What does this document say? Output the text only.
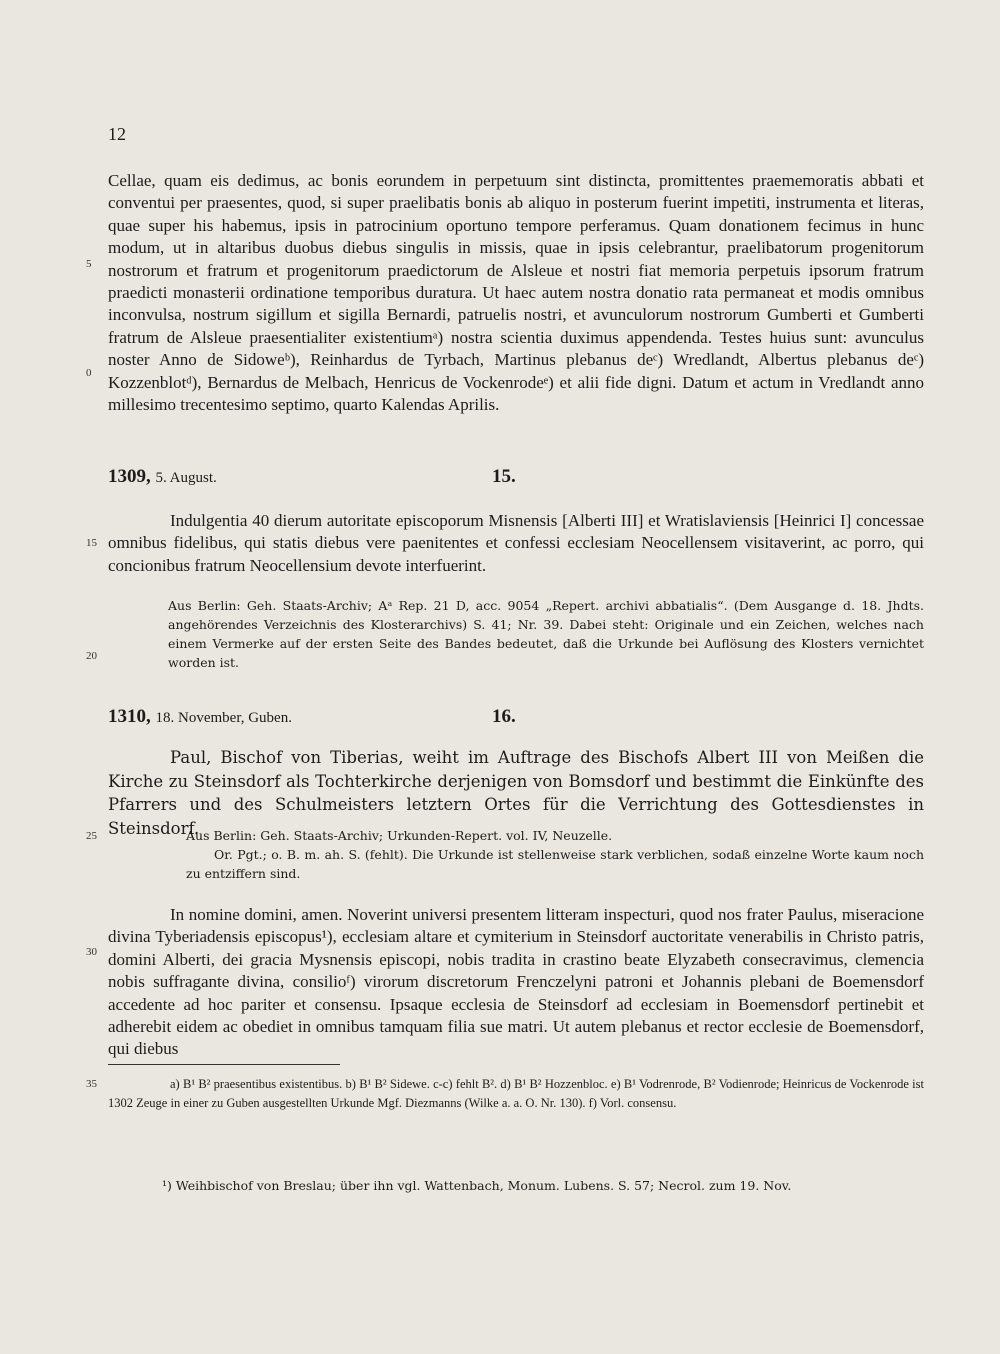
12

Cellae, quam eis dedimus, ac bonis eorundem in perpetuum sint distincta, promittentes praememoratis abbati et conventui per praesentes, quod, si super praelibatis bonis ab aliquo in posterum fuerint impetiti, instrumenta et literas, quae super his habemus, ipsis in patrocinium oportuno tempore perferamus. Quam donationem fecimus in hunc modum, ut in altaribus duobus diebus singulis in missis, quae in ipsis celebrantur, praelibatorum progenitorum nostrorum et fratrum et progenitorum praedictorum de Alsleue et nostri fiat memoria perpetuis ipsorum fratrum praedicti monasterii ordinatione temporibus duratura. Ut haec autem nostra donatio rata permaneat et modis omnibus inconvulsa, nostrum sigillum et sigilla Bernardi, patruelis nostri, et avunculorum nostrorum Gumberti et Gumberti fratrum de Alsleue praesentialiter existentiumᵃ) nostra scientia duximus appendenda. Testes huius sunt: avunculus noster Anno de Sidoweᵇ), Reinhardus de Tyrbach, Martinus plebanus deᶜ) Wredlandt, Albertus plebanus deᶜ) Kozzenblotᵈ), Bernardus de Melbach, Henricus de Vockenrodeᵉ) et alii fide digni. Datum et actum in Vredlandt anno millesimo trecentesimo septimo, quarto Kalendas Aprilis.

5
0
1309, 5. August.	15.

Indulgentia 40 dierum autoritate episcoporum Misnensis [Alberti III] et Wratislaviensis [Heinrici I] concessae omnibus fidelibus, qui statis diebus vere paenitentes et confessi ecclesiam Neocellensem visitaverint, ac porro, qui concionibus fratrum Neocellensium devote interfuerint.

15

Aus Berlin: Geh. Staats-Archiv; Aᵃ Rep. 21 D, acc. 9054 „Repert. archivi abbatialis“. (Dem Ausgange d. 18. Jhdts. angehörendes Verzeichnis des Klosterarchivs) S. 41; Nr. 39. Dabei steht: Originale und ein Zeichen, welches nach einem Vermerke auf der ersten Seite des Bandes bedeutet, daß die Urkunde bei Auflösung des Klosters vernichtet worden ist.

20
1310, 18. November, Guben.	16.

Paul, Bischof von Tiberias, weiht im Auftrage des Bischofs Albert III von Meißen die Kirche zu Steinsdorf als Tochterkirche derjenigen von Bomsdorf und bestimmt die Einkünfte des Pfarrers und des Schulmeisters letztern Ortes für die Verrichtung des Gottesdienstes in Steinsdorf.

25	Aus Berlin: Geh. Staats-Archiv; Urkunden-Repert. vol. IV, Neuzelle.

Or. Pgt.; o. B. m. ah. S. (fehlt). Die Urkunde ist stellenweise stark verblichen, sodaß einzelne Worte kaum noch zu entziffern sind.

In nomine domini, amen. Noverint universi presentem litteram inspecturi, quod nos frater Paulus, miseracione divina Tyberiadensis episcopus¹), ecclesiam altare et cymiterium in Steinsdorf auctoritate venerabilis in Christo patris, domini Alberti, dei gracia Mysnensis episcopi, nobis tradita in crastino beate Elyzabeth consecravimus, clemencia nobis suffragante divina, consilioᶠ) virorum discretorum Frenczelyni patroni et Johannis plebani de Boemensdorf accedente ad hoc pariter et consensu. Ipsaque ecclesia de Steinsdorf ad ecclesiam in Boemensdorf pertinebit et adherebit eidem ac obediet in omnibus tamquam filia sue matri. Ut autem plebanus et rector ecclesie de Boemensdorf, qui diebus

30
35	a) B¹ B² praesentibus existentibus. b) B¹ B² Sidewe. c-c) fehlt B². d) B¹ B² Hozzenbloc. e) B¹ Vodrenrode, B² Vodienrode; Heinricus de Vockenrode ist 1302 Zeuge in einer zu Guben ausgestellten Urkunde Mgf. Diezmanns (Wilke a. a. O. Nr. 130). f) Vorl. consensu.

¹) Weihbischof von Breslau; über ihn vgl. Wattenbach, Monum. Lubens. S. 57; Necrol. zum 19. Nov.
